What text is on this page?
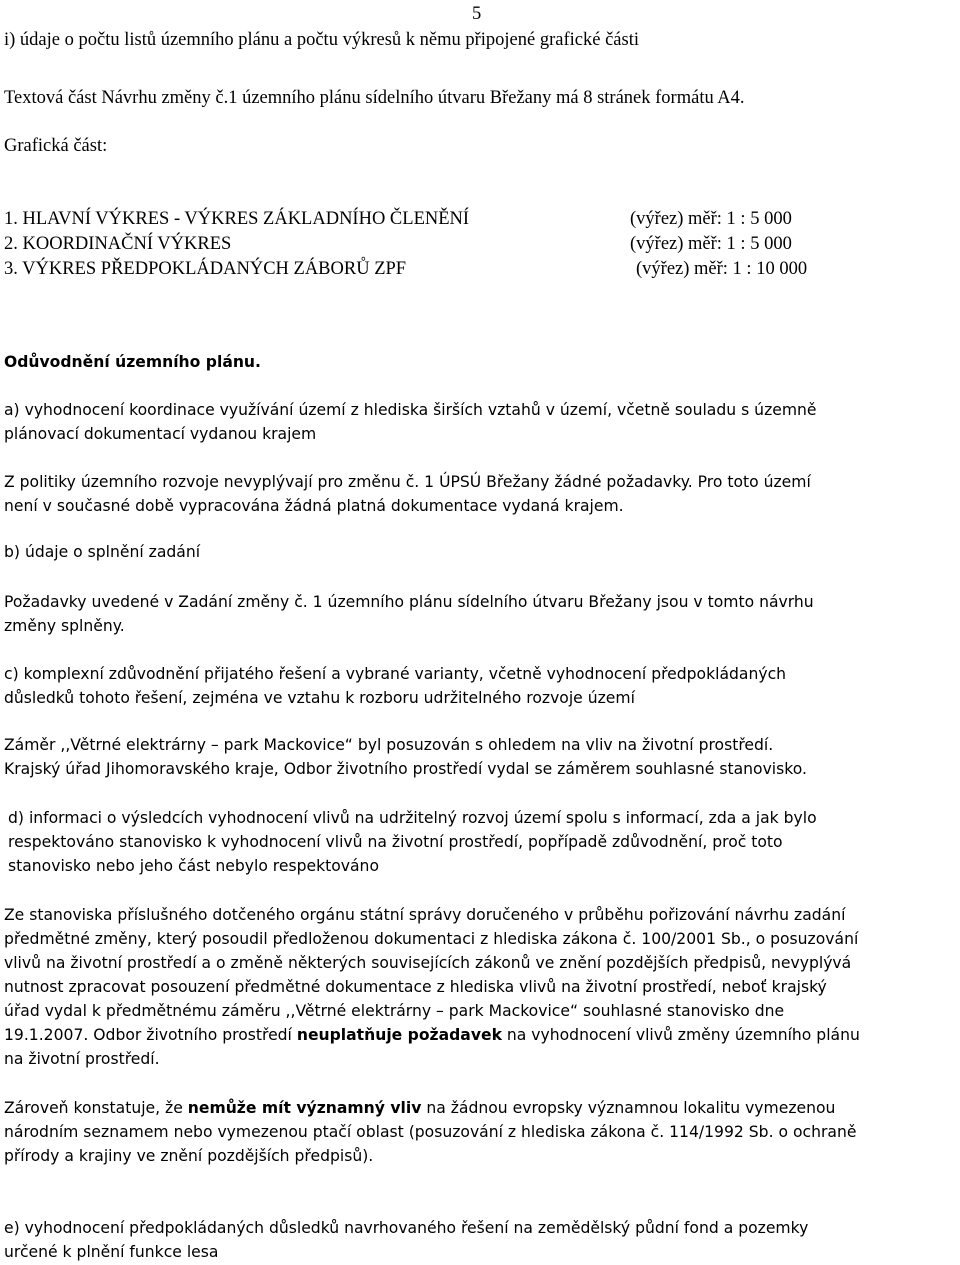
5
i) údaje o počtu listů územního plánu a počtu výkresů k němu připojené grafické části
Textová část Návrhu změny č.1 územního plánu sídelního útvaru Břežany má 8 stránek formátu A4.
Grafická část:
1. HLAVNÍ VÝKRES - VÝKRES ZÁKLADNÍHO ČLENĚNÍ	(výřez) měř: 1 : 5 000
2. KOORDINAČNÍ VÝKRES	(výřez) měř: 1 : 5 000
3. VÝKRES PŘEDPOKLÁDANÝCH ZÁBORŮ ZPF	(výřez) měř: 1 : 10 000
Odůvodnění územního plánu.
a) vyhodnocení koordinace využívání území z hlediska širších vztahů v území, včetně souladu s územně
plánovací dokumentací vydanou krajem
Z politiky územního rozvoje nevyplývají pro změnu č. 1 ÚPSÚ Břežany žádné požadavky. Pro toto území
není v současné době vypracována žádná platná dokumentace vydaná krajem.
b) údaje o splnění zadání
Požadavky uvedené v Zadání změny č. 1 územního plánu sídelního útvaru Břežany jsou v tomto návrhu
změny splněny.
c) komplexní zdůvodnění přijatého řešení a vybrané varianty, včetně vyhodnocení předpokládaných
důsledků tohoto řešení, zejména ve vztahu k rozboru udržitelného rozvoje území
Záměr ,,Větrné elektrárny – park Mackovice“ byl posuzován s ohledem na vliv na životní prostředí.
Krajský úřad Jihomoravského kraje, Odbor životního prostředí vydal se záměrem souhlasné stanovisko.
d) informaci o výsledcích vyhodnocení vlivů na udržitelný rozvoj území spolu s informací, zda a jak bylo
respektováno stanovisko k vyhodnocení vlivů na životní prostředí, popřípadě zdůvodnění, proč toto
stanovisko nebo jeho část nebylo respektováno
Ze stanoviska příslušného dotčeného orgánu státní správy doručeného v průběhu pořizování návrhu zadání
předmětné změny, který posoudil předloženou dokumentaci z hlediska zákona č. 100/2001 Sb., o posuzování
vlivů na životní prostředí a o změně některých souvisejících zákonů ve znění pozdějších předpisů, nevyplývá
nutnost zpracovat posouzení předmětné dokumentace z hlediska vlivů na životní prostředí, neboť krajský
úřad vydal k předmětnému záměru ,,Větrné elektrárny – park Mackovice“ souhlasné stanovisko dne
19.1.2007. Odbor životního prostředí neuplatňuje požadavek na vyhodnocení vlivů změny územního plánu
na životní prostředí.
Zároveň konstatuje, že nemůže mít významný vliv na žádnou evropsky významnou lokalitu vymezenou
národním seznamem nebo vymezenou ptačí oblast (posuzování z hlediska zákona č. 114/1992 Sb. o ochraně
přírody a krajiny ve znění pozdějších předpisů).
e) vyhodnocení předpokládaných důsledků navrhovaného řešení na zemědělský půdní fond a pozemky
určené k plnění funkce lesa
